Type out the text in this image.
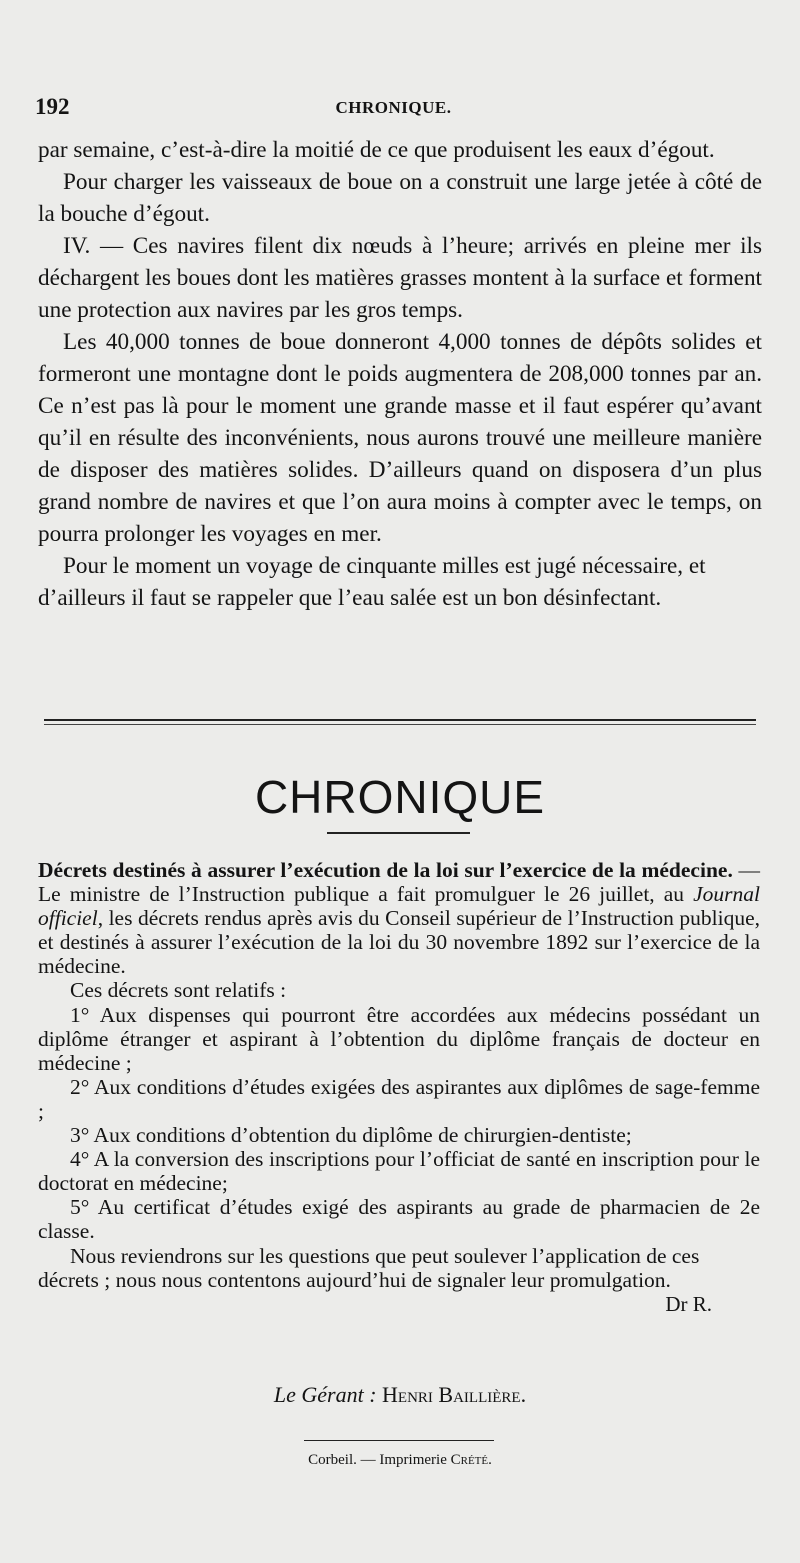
192	CHRONIQUE.

par semaine, c’est-à-dire la moitié de ce que produisent les eaux d’égout.

Pour charger les vaisseaux de boue on a construit une large jetée à côté de la bouche d’égout.

IV. — Ces navires filent dix nœuds à l’heure; arrivés en pleine mer ils déchargent les boues dont les matières grasses montent à la surface et forment une protection aux navires par les gros temps.

Les 40,000 tonnes de boue donneront 4,000 tonnes de dépôts solides et formeront une montagne dont le poids augmentera de 208,000 tonnes par an. Ce n’est pas là pour le moment une grande masse et il faut espérer qu’avant qu’il en résulte des inconvénients, nous aurons trouvé une meilleure manière de disposer des matières solides. D’ailleurs quand on disposera d’un plus grand nombre de navires et que l’on aura moins à compter avec le temps, on pourra prolonger les voyages en mer.

Pour le moment un voyage de cinquante milles est jugé nécessaire, et d’ailleurs il faut se rappeler que l’eau salée est un bon désinfectant.

CHRONIQUE

Décrets destinés à assurer l’exécution de la loi sur l’exercice de la médecine. — Le ministre de l’Instruction publique a fait promulguer le 26 juillet, au Journal officiel, les décrets rendus après avis du Conseil supérieur de l’Instruction publique, et destinés à assurer l’exécution de la loi du 30 novembre 1892 sur l’exercice de la médecine.

Ces décrets sont relatifs :

1° Aux dispenses qui pourront être accordées aux médecins possédant un diplôme étranger et aspirant à l’obtention du diplôme français de docteur en médecine ;

2° Aux conditions d’études exigées des aspirantes aux diplômes de sage-femme ;

3° Aux conditions d’obtention du diplôme de chirurgien-dentiste;

4° A la conversion des inscriptions pour l’officiat de santé en inscription pour le doctorat en médecine;

5° Au certificat d’études exigé des aspirants au grade de pharmacien de 2e classe.

Nous reviendrons sur les questions que peut soulever l’application de ces décrets ; nous nous contentons aujourd’hui de signaler leur promulgation.

Dr R.
Le Gérant : Henri Baillière.
Corbeil. — Imprimerie Crété.
